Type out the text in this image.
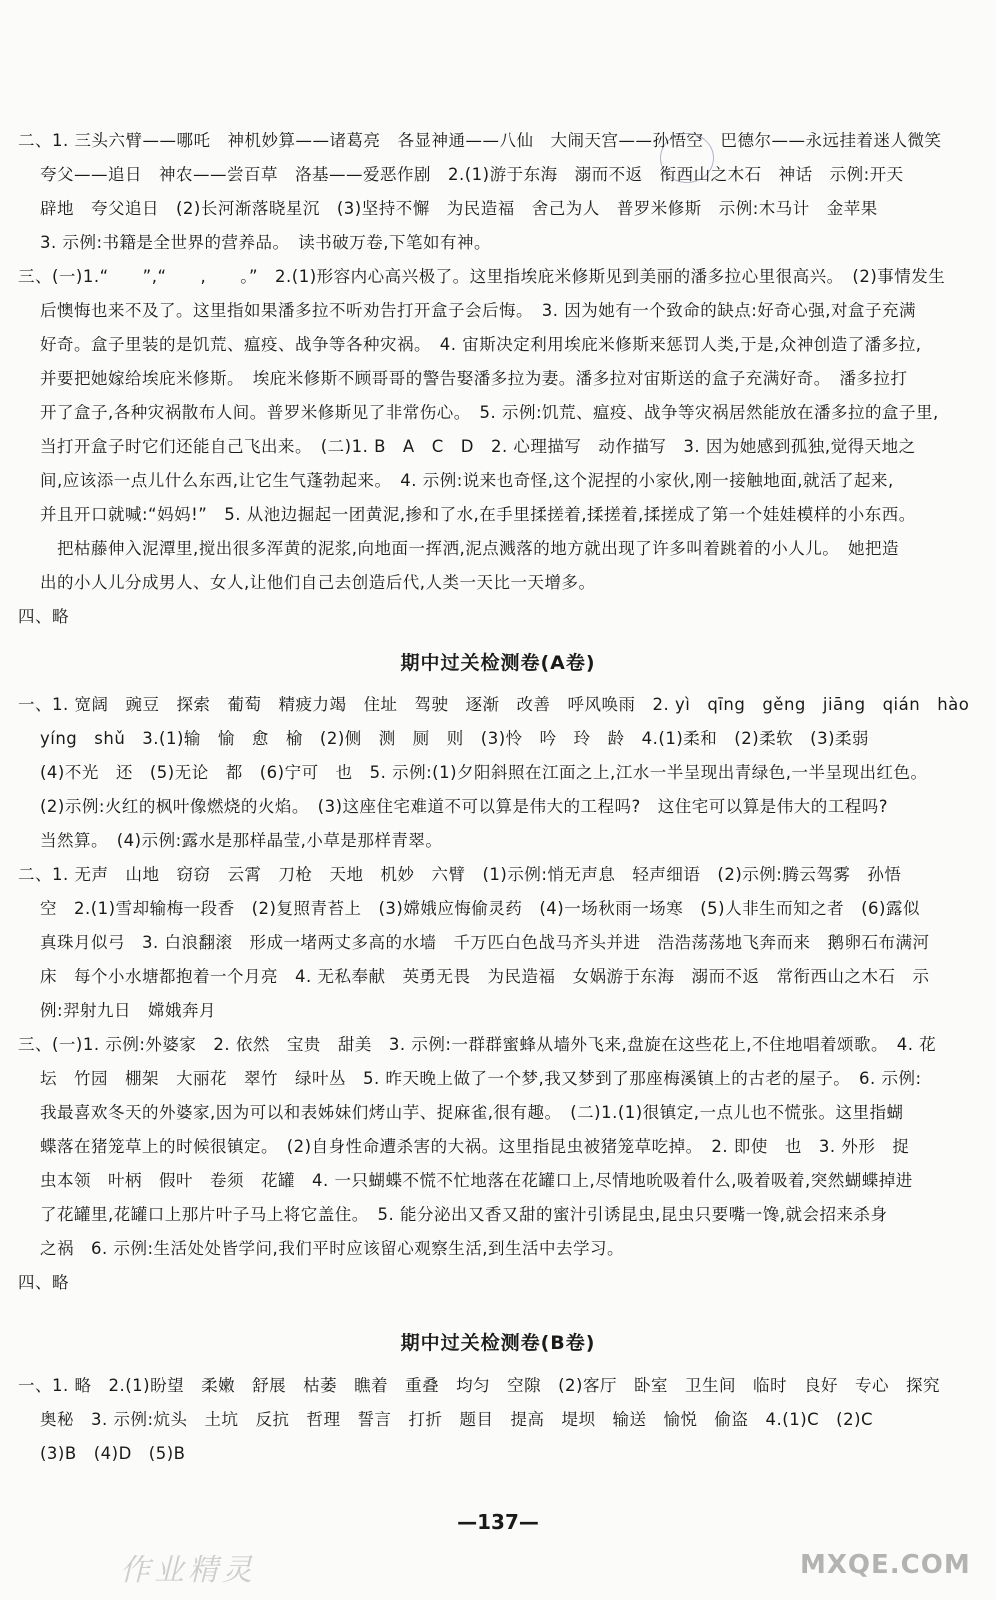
二、1. 三头六臂——哪吒　神机妙算——诸葛亮　各显神通——八仙　大闹天宫——孙悟空　巴德尔——永远挂着迷人微笑
夸父——追日　神农——尝百草　洛基——爱恶作剧　2.(1)游于东海　溺而不返　衔西山之木石　神话　示例:开天
辟地　夸父追日　(2)长河渐落晓星沉　(3)坚持不懈　为民造福　舍己为人　普罗米修斯　示例:木马计　金苹果
3. 示例:书籍是全世界的营养品。　读书破万卷,下笔如有神。
三、(一)1.“　　”,“　　,　　。”　2.(1)形容内心高兴极了。这里指埃庇米修斯见到美丽的潘多拉心里很高兴。　(2)事情发生
后懊悔也来不及了。这里指如果潘多拉不听劝告打开盒子会后悔。　3. 因为她有一个致命的缺点:好奇心强,对盒子充满
好奇。盒子里装的是饥荒、瘟疫、战争等各种灾祸。　4. 宙斯决定利用埃庇米修斯来惩罚人类,于是,众神创造了潘多拉,
并要把她嫁给埃庇米修斯。　埃庇米修斯不顾哥哥的警告娶潘多拉为妻。潘多拉对宙斯送的盒子充满好奇。　潘多拉打
开了盒子,各种灾祸散布人间。普罗米修斯见了非常伤心。　5. 示例:饥荒、瘟疫、战争等灾祸居然能放在潘多拉的盒子里,
当打开盒子时它们还能自己飞出来。　(二)1. B　A　C　D　2. 心理描写　动作描写　3. 因为她感到孤独,觉得天地之
间,应该添一点儿什么东西,让它生气蓬勃起来。　4. 示例:说来也奇怪,这个泥捏的小家伙,刚一接触地面,就活了起来,
并且开口就喊:“妈妈!”　5. 从池边掘起一团黄泥,掺和了水,在手里揉搓着,揉搓着,揉搓成了第一个娃娃模样的小东西。
　把枯藤伸入泥潭里,搅出很多浑黄的泥浆,向地面一挥洒,泥点溅落的地方就出现了许多叫着跳着的小人儿。　她把造
出的小人儿分成男人、女人,让他们自己去创造后代,人类一天比一天增多。
四、略
期中过关检测卷(A卷)
一、1. 宽阔　豌豆　探索　葡萄　精疲力竭　住址　驾驶　逐渐　改善　呼风唤雨　2. yì　qīng　gěng　jiāng　qián　hào
yíng　shǔ　3.(1)输　愉　愈　榆　(2)侧　测　厕　则　(3)怜　吟　玲　龄　4.(1)柔和　(2)柔软　(3)柔弱
(4)不光　还　(5)无论　都　(6)宁可　也　5. 示例:(1)夕阳斜照在江面之上,江水一半呈现出青绿色,一半呈现出红色。
(2)示例:火红的枫叶像燃烧的火焰。　(3)这座住宅难道不可以算是伟大的工程吗?　这住宅可以算是伟大的工程吗?
当然算。　(4)示例:露水是那样晶莹,小草是那样青翠。
二、1. 无声　山地　窃窃　云霄　刀枪　天地　机妙　六臂　(1)示例:悄无声息　轻声细语　(2)示例:腾云驾雾　孙悟
空　2.(1)雪却输梅一段香　(2)复照青苔上　(3)嫦娥应悔偷灵药　(4)一场秋雨一场寒　(5)人非生而知之者　(6)露似
真珠月似弓　3. 白浪翻滚　形成一堵两丈多高的水墙　千万匹白色战马齐头并进　浩浩荡荡地飞奔而来　鹅卵石布满河
床　每个小水塘都抱着一个月亮　4. 无私奉献　英勇无畏　为民造福　女娲游于东海　溺而不返　常衔西山之木石　示
例:羿射九日　嫦娥奔月
三、(一)1. 示例:外婆家　2. 依然　宝贵　甜美　3. 示例:一群群蜜蜂从墙外飞来,盘旋在这些花上,不住地唱着颂歌。　4. 花
坛　竹园　棚架　大丽花　翠竹　绿叶丛　5. 昨天晚上做了一个梦,我又梦到了那座梅溪镇上的古老的屋子。　6. 示例:
我最喜欢冬天的外婆家,因为可以和表姊妹们烤山芋、捉麻雀,很有趣。　(二)1.(1)很镇定,一点儿也不慌张。这里指蝴
蝶落在猪笼草上的时候很镇定。　(2)自身性命遭杀害的大祸。这里指昆虫被猪笼草吃掉。　2. 即使　也　3. 外形　捉
虫本领　叶柄　假叶　卷须　花罐　4. 一只蝴蝶不慌不忙地落在花罐口上,尽情地吮吸着什么,吸着吸着,突然蝴蝶掉进
了花罐里,花罐口上那片叶子马上将它盖住。　5. 能分泌出又香又甜的蜜汁引诱昆虫,昆虫只要嘴一馋,就会招来杀身
之祸　6. 示例:生活处处皆学问,我们平时应该留心观察生活,到生活中去学习。
四、略
期中过关检测卷(B卷)
一、1. 略　2.(1)盼望　柔嫩　舒展　枯萎　瞧着　重叠　均匀　空隙　(2)客厅　卧室　卫生间　临时　良好　专心　探究
奥秘　3. 示例:炕头　土坑　反抗　哲理　誓言　打折　题目　提高　堤坝　输送　愉悦　偷盗　4.(1)C　(2)C
(3)B　(4)D　(5)B
—137—
作业精灵	MXQE.COM
